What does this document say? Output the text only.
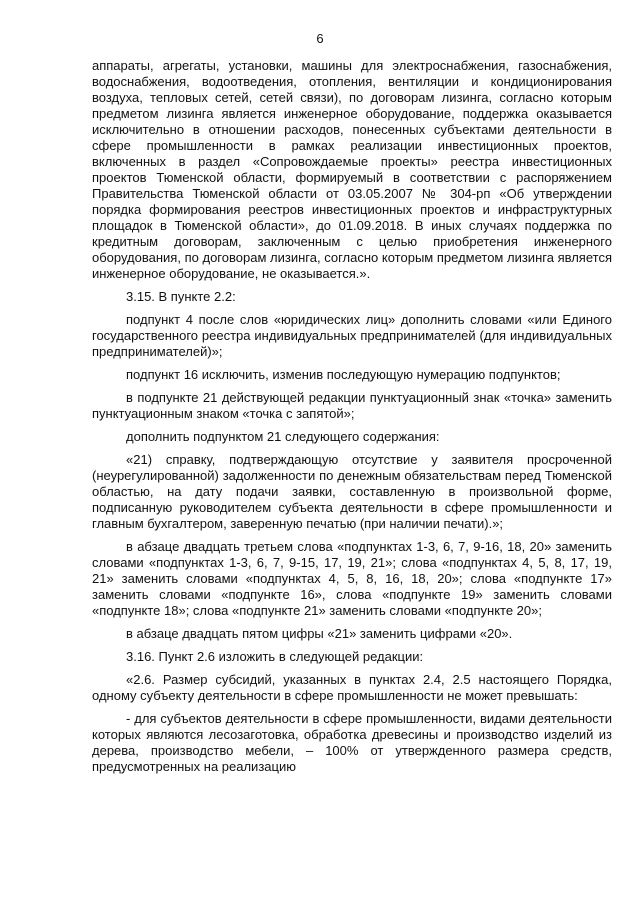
6

аппараты, агрегаты, установки, машины для электроснабжения, газоснабжения, водоснабжения, водоотведения, отопления, вентиляции и кондиционирования воздуха, тепловых сетей, сетей связи), по договорам лизинга, согласно которым предметом лизинга является инженерное оборудование, поддержка оказывается исключительно в отношении расходов, понесенных субъектами деятельности в сфере промышленности в рамках реализации инвестиционных проектов, включенных в раздел «Сопровождаемые проекты» реестра инвестиционных проектов Тюменской области, формируемый в соответствии с распоряжением Правительства Тюменской области от 03.05.2007 № 304-рп «Об утверждении порядка формирования реестров инвестиционных проектов и инфраструктурных площадок в Тюменской области», до 01.09.2018. В иных случаях поддержка по кредитным договорам, заключенным с целью приобретения инженерного оборудования, по договорам лизинга, согласно которым предметом лизинга является инженерное оборудование, не оказывается.».

3.15. В пункте 2.2:

подпункт 4 после слов «юридических лиц» дополнить словами «или Единого государственного реестра индивидуальных предпринимателей (для индивидуальных предпринимателей)»;

подпункт 16 исключить, изменив последующую нумерацию подпунктов;

в подпункте 21 действующей редакции пунктуационный знак «точка» заменить пунктуационным знаком «точка с запятой»;

дополнить подпунктом 21 следующего содержания:

«21) справку, подтверждающую отсутствие у заявителя просроченной (неурегулированной) задолженности по денежным обязательствам перед Тюменской областью, на дату подачи заявки, составленную в произвольной форме, подписанную руководителем субъекта деятельности в сфере промышленности и главным бухгалтером, заверенную печатью (при наличии печати).»;

в абзаце двадцать третьем слова «подпунктах 1-3, 6, 7, 9-16, 18, 20» заменить словами «подпунктах 1-3, 6, 7, 9-15, 17, 19, 21»; слова «подпунктах 4, 5, 8, 17, 19, 21» заменить словами «подпунктах 4, 5, 8, 16, 18, 20»; слова «подпункте 17» заменить словами «подпункте 16», слова «подпункте 19» заменить словами «подпункте 18»; слова «подпункте 21» заменить словами «подпункте 20»;

в абзаце двадцать пятом цифры «21» заменить цифрами «20».

3.16. Пункт 2.6 изложить в следующей редакции:

«2.6. Размер субсидий, указанных в пунктах 2.4, 2.5 настоящего Порядка, одному субъекту деятельности в сфере промышленности не может превышать:

- для субъектов деятельности в сфере промышленности, видами деятельности которых являются лесозаготовка, обработка древесины и производство изделий из дерева, производство мебели, – 100% от утвержденного размера средств, предусмотренных на реализацию
